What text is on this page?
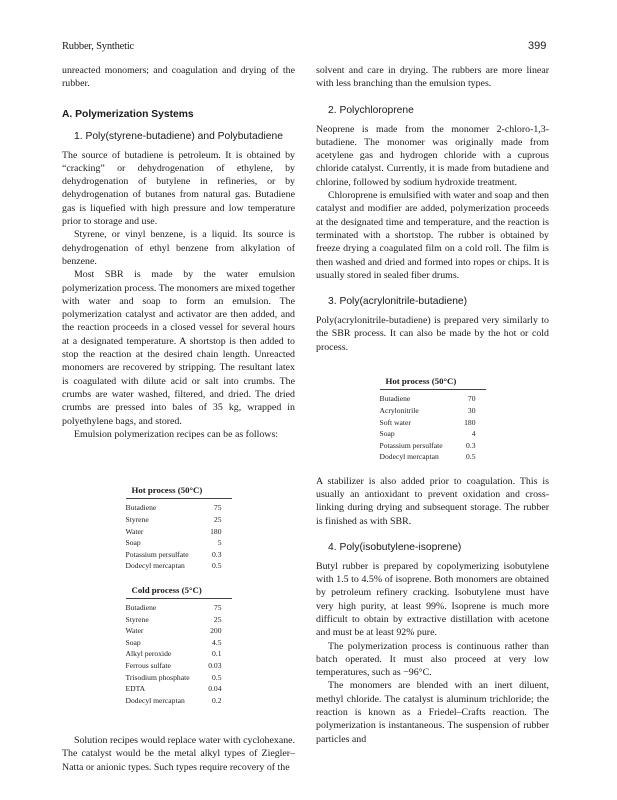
Rubber, Synthetic	399

unreacted monomers; and coagulation and drying of the rubber.

A. Polymerization Systems
1. Poly(styrene-butadiene) and Polybutadiene

The source of butadiene is petroleum. It is obtained by “cracking” or dehydrogenation of ethylene, by dehydrogenation of butylene in refineries, or by dehydrogenation of butanes from natural gas. Butadiene gas is liquefied with high pressure and low temperature prior to storage and use.

Styrene, or vinyl benzene, is a liquid. Its source is dehydrogenation of ethyl benzene from alkylation of benzene.

Most SBR is made by the water emulsion polymerization process. The monomers are mixed together with water and soap to form an emulsion. The polymerization catalyst and activator are then added, and the reaction proceeds in a closed vessel for several hours at a designated temperature. A shortstop is then added to stop the reaction at the desired chain length. Unreacted monomers are recovered by stripping. The resultant latex is coagulated with dilute acid or salt into crumbs. The crumbs are water washed, filtered, and dried. The dried crumbs are pressed into bales of 35 kg, wrapped in polyethylene bags, and stored.

Emulsion polymerization recipes can be as follows:

Hot process (50°C)
Butadiene	75
Styrene	25
Water	180
Soap	5
Potassium persulfate	0.3
Dodecyl mercaptan	0.5
Cold process (5°C)
Butadiene	75
Styrene	25
Water	200
Soap	4.5
Alkyl peroxide	0.1
Ferrous sulfate	0.03
Trisodium phosphate	0.5
EDTA	0.04
Dodecyl mercaptan	0.2

Solution recipes would replace water with cyclohexane. The catalyst would be the metal alkyl types of Ziegler–Natta or anionic types. Such types require recovery of the

solvent and care in drying. The rubbers are more linear with less branching than the emulsion types.

2. Polychloroprene

Neoprene is made from the monomer 2-chloro-1,3-butadiene. The monomer was originally made from acetylene gas and hydrogen chloride with a cuprous chloride catalyst. Currently, it is made from butadiene and chlorine, followed by sodium hydroxide treatment.

Chloroprene is emulsified with water and soap and then catalyst and modifier are added, polymerization proceeds at the designated time and temperature, and the reaction is terminated with a shortstop. The rubber is obtained by freeze drying a coagulated film on a cold roll. The film is then washed and dried and formed into ropes or chips. It is usually stored in sealed fiber drums.

3. Poly(acrylonitrile-butadiene)

Poly(acrylonitrile-butadiene) is prepared very similarly to the SBR process. It can also be made by the hot or cold process.

Hot process (50°C)
Butadiene	70
Acrylonitrile	30
Soft water	180
Soap	4
Potassium persulfate	0.3
Dodecyl mercaptan	0.5

A stabilizer is also added prior to coagulation. This is usually an antioxidant to prevent oxidation and cross-linking during drying and subsequent storage. The rubber is finished as with SBR.

4. Poly(isobutylene-isoprene)

Butyl rubber is prepared by copolymerizing isobutylene with 1.5 to 4.5% of isoprene. Both monomers are obtained by petroleum refinery cracking. Isobutylene must have very high purity, at least 99%. Isoprene is much more difficult to obtain by extractive distillation with acetone and must be at least 92% pure.

The polymerization process is continuous rather than batch operated. It must also proceed at very low temperatures, such as −96°C.

The monomers are blended with an inert diluent, methyl chloride. The catalyst is aluminum trichloride; the reaction is known as a Friedel–Crafts reaction. The polymerization is instantaneous. The suspension of rubber particles and
